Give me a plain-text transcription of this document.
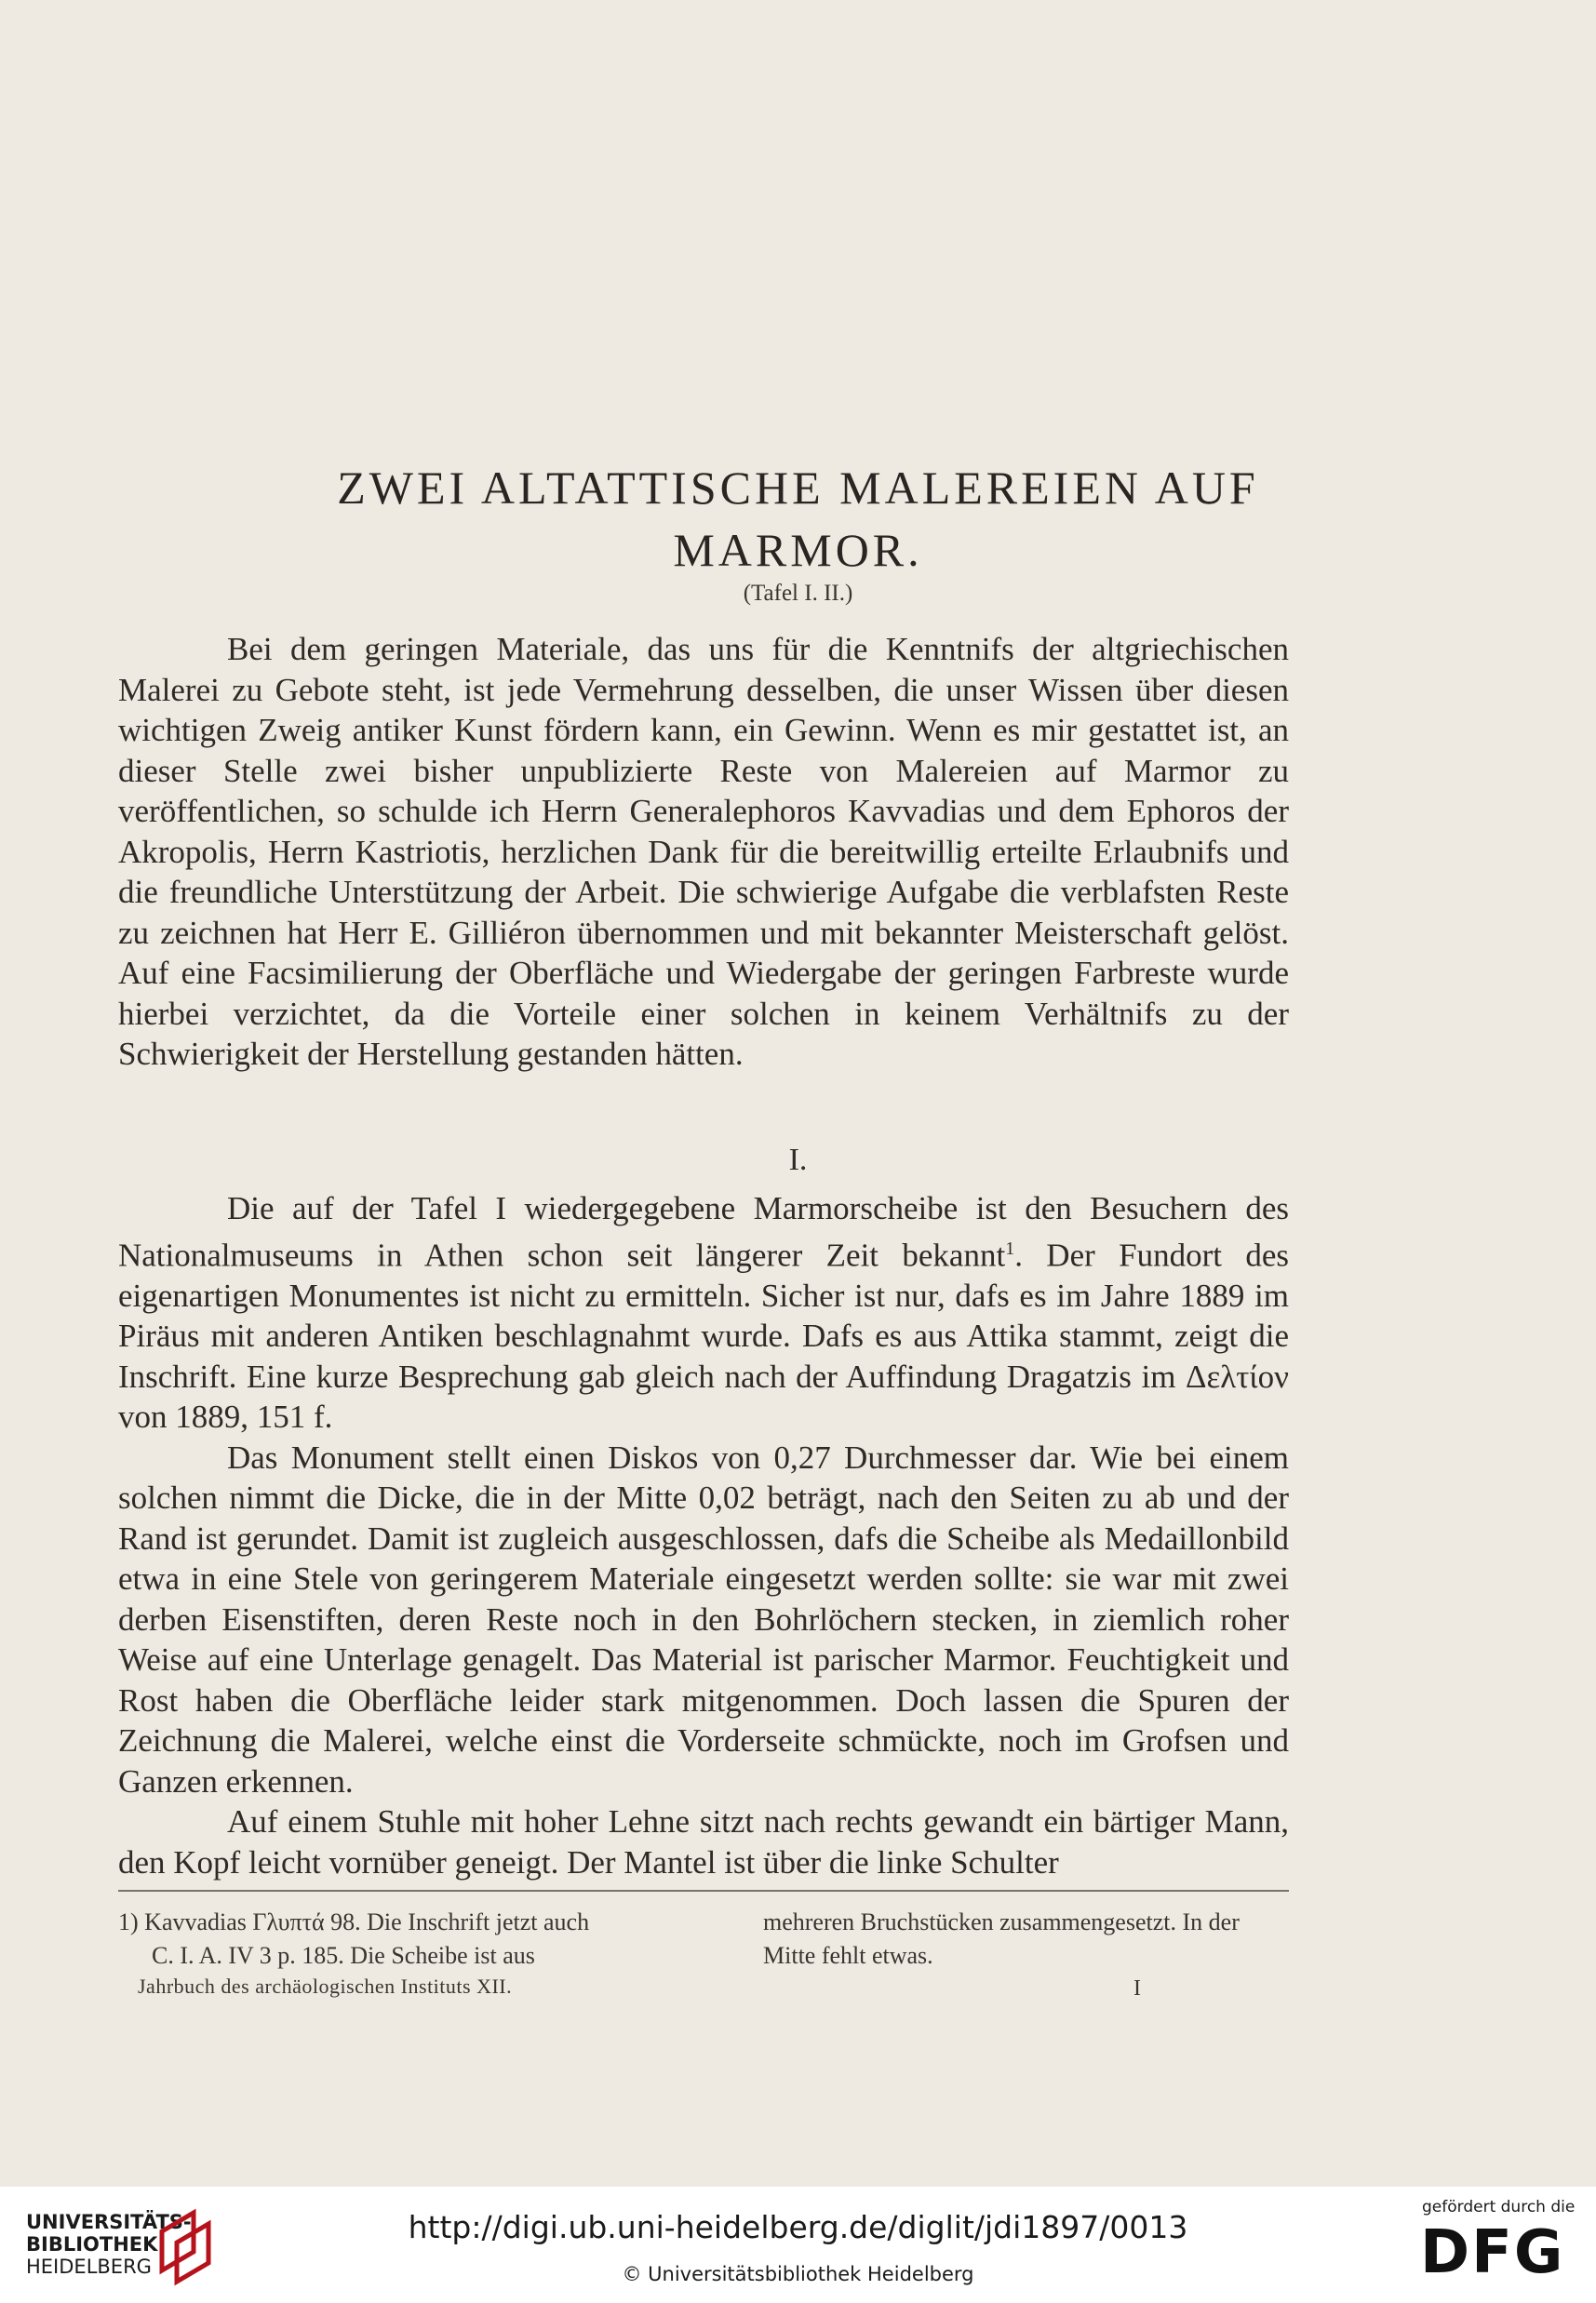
ZWEI ALTATTISCHE MALEREIEN AUF
MARMOR.
(Tafel I. II.)

Bei dem geringen Materiale, das uns für die Kenntnifs der altgriechischen Malerei zu Gebote steht, ist jede Vermehrung desselben, die unser Wissen über diesen wichtigen Zweig antiker Kunst fördern kann, ein Gewinn. Wenn es mir gestattet ist, an dieser Stelle zwei bisher unpublizierte Reste von Malereien auf Marmor zu veröffentlichen, so schulde ich Herrn Generalephoros Kavvadias und dem Ephoros der Akropolis, Herrn Kastriotis, herzlichen Dank für die bereitwillig erteilte Erlaubnifs und die freundliche Unterstützung der Arbeit. Die schwierige Aufgabe die verblafsten Reste zu zeichnen hat Herr E. Gilliéron übernommen und mit bekannter Meisterschaft gelöst. Auf eine Facsimilierung der Oberfläche und Wiedergabe der geringen Farbreste wurde hierbei verzichtet, da die Vorteile einer solchen in keinem Verhältnifs zu der Schwierigkeit der Herstellung gestanden hätten.

I.

Die auf der Tafel I wiedergegebene Marmorscheibe ist den Besuchern des Nationalmuseums in Athen schon seit längerer Zeit bekannt$^1$. Der Fundort des eigenartigen Monumentes ist nicht zu ermitteln. Sicher ist nur, dafs es im Jahre 1889 im Piräus mit anderen Antiken beschlagnahmt wurde. Dafs es aus Attika stammt, zeigt die Inschrift. Eine kurze Besprechung gab gleich nach der Auffindung Dragatzis im Δελτίον von 1889, 151 f.

Das Monument stellt einen Diskos von 0,27 Durchmesser dar. Wie bei einem solchen nimmt die Dicke, die in der Mitte 0,02 beträgt, nach den Seiten zu ab und der Rand ist gerundet. Damit ist zugleich ausgeschlossen, dafs die Scheibe als Medaillonbild etwa in eine Stele von geringerem Materiale eingesetzt werden sollte: sie war mit zwei derben Eisenstiften, deren Reste noch in den Bohrlöchern stecken, in ziemlich roher Weise auf eine Unterlage genagelt. Das Material ist parischer Marmor. Feuchtigkeit und Rost haben die Oberfläche leider stark mitgenommen. Doch lassen die Spuren der Zeichnung die Malerei, welche einst die Vorderseite schmückte, noch im Grofsen und Ganzen erkennen.

Auf einem Stuhle mit hoher Lehne sitzt nach rechts gewandt ein bärtiger Mann, den Kopf leicht vornüber geneigt. Der Mantel ist über die linke Schulter

1) Kavvadias Γλυπτά 98. Die Inschrift jetzt auch
C. I. A. IV 3 p. 185. Die Scheibe ist aus
mehreren Bruchstücken zusammengesetzt. In der
Mitte fehlt etwas.
Jahrbuch des archäologischen Instituts XII.	I
UNIVERSITÄTS-
BIBLIOTHEK
HEIDELBERG
http://digi.ub.uni-heidelberg.de/diglit/jdi1897/0013
© Universitätsbibliothek Heidelberg
gefördert durch die
DFG
